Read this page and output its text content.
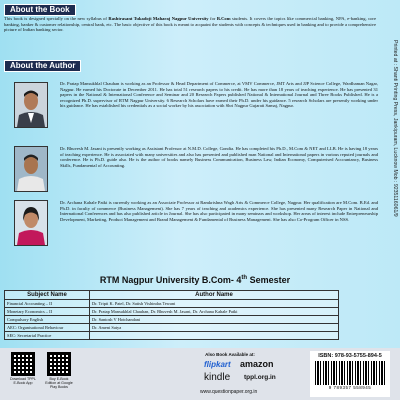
About the Book
This book is designed specially on the new syllabus of Rashtrasant Tukadoji Maharaj Nagpur University for B.Com students. It covers the topics like commercial banking, NPA, e-banking, core banking, banker & customer relationship, central bank, etc. The basic objective of this book is meant to acquaint the students with concepts & techniques used in banking and to provide a comprehensive picture of Indian banking sector.
About the Author
Dr. Pratap Mansukhlal Chauhan is working as an Professor & Head Department of Commerce, at VMV Commerce, JMT Arts and JJP Science College, Wardhaman Nagar, Nagpur. He earned his Doctorate in December 2011. He has total 51 research papers to his credit. He has more than 18 years of teaching experience. He has presented 31 papers in the National & International Conference and Seminar and 20 Research Papers published National & International Journal and Three Books Published. He is a recognized Ph.D. supervisor of RTM Nagpur University. 6 Research Scholars have earned their Ph.D. under his guidance. 5 research Scholars are presently working under his guidance. He has established his credentials as a social worker by his association with Shri Nagpur Gujarati Samaj, Nagpur.
Dr. Bhuvesh M. Jasani is presently working as Assistant Professor at N.M.D. College, Gondia. He has completed his Ph.D., M.Com & NET and LLB. He is having 18 years of teaching experience. He is associated with many universities and also has presented and published man National and International papers in various reputed journals and conference. He is Ph.D. guide also. He is the author of books namely Business Communication, Business Law, Indian Economy, Computerised Accountancy, Business Skills, Fundamental of Accounting.
Dr. Archana Kahale Patki is currently working as an Associate Professor at Ramkrishna Wagh Arts & Commerce College, Nagpur. Her qualification are M.Com. B.Ed. and Ph.D. in faculty of commerce (Business Management). She has 7 years of teaching and academics experience. She has presented many Research Paper in National and International Conferences and has also published article in Journal. She has also participated in many seminars and workshop. Her areas of interest include Entrepreneurship Development, Marketing, Product Management and Brand Management & Fundamental of Business Management. She has also Co-Program Officer in NSS.
RTM Nagpur University B.Com- 4th Semester
Subject Name	Author Name
Financial Accounting – II	Dr. Tripti K. Patel, Dr. Satish Vishindas Tewani
Monetary Economics – II	Dr. Pratap Mansukhlal Chauhan, Dr. Bhuvesh M. Jasani, Dr. Archana Kahale Patki
Compulsory English	Dr. Santosh V Hotchandani
AEC: Organisational Behaviour	Dr. Ameni Satya
SEC: Secretarial Practice	
Download TPPL E-Book App
Buy E-Book Edition at Google Play Books
Also Book Available at:
flipkart amazon
kindle tppl.org.in
www.questionpaper.org.in
ISBN: 978-93-5755-894-5
9 789357 558945
Printed at : Shanti Printing Press, Jankipuram, Lucknow Mob : 9235116061/9
